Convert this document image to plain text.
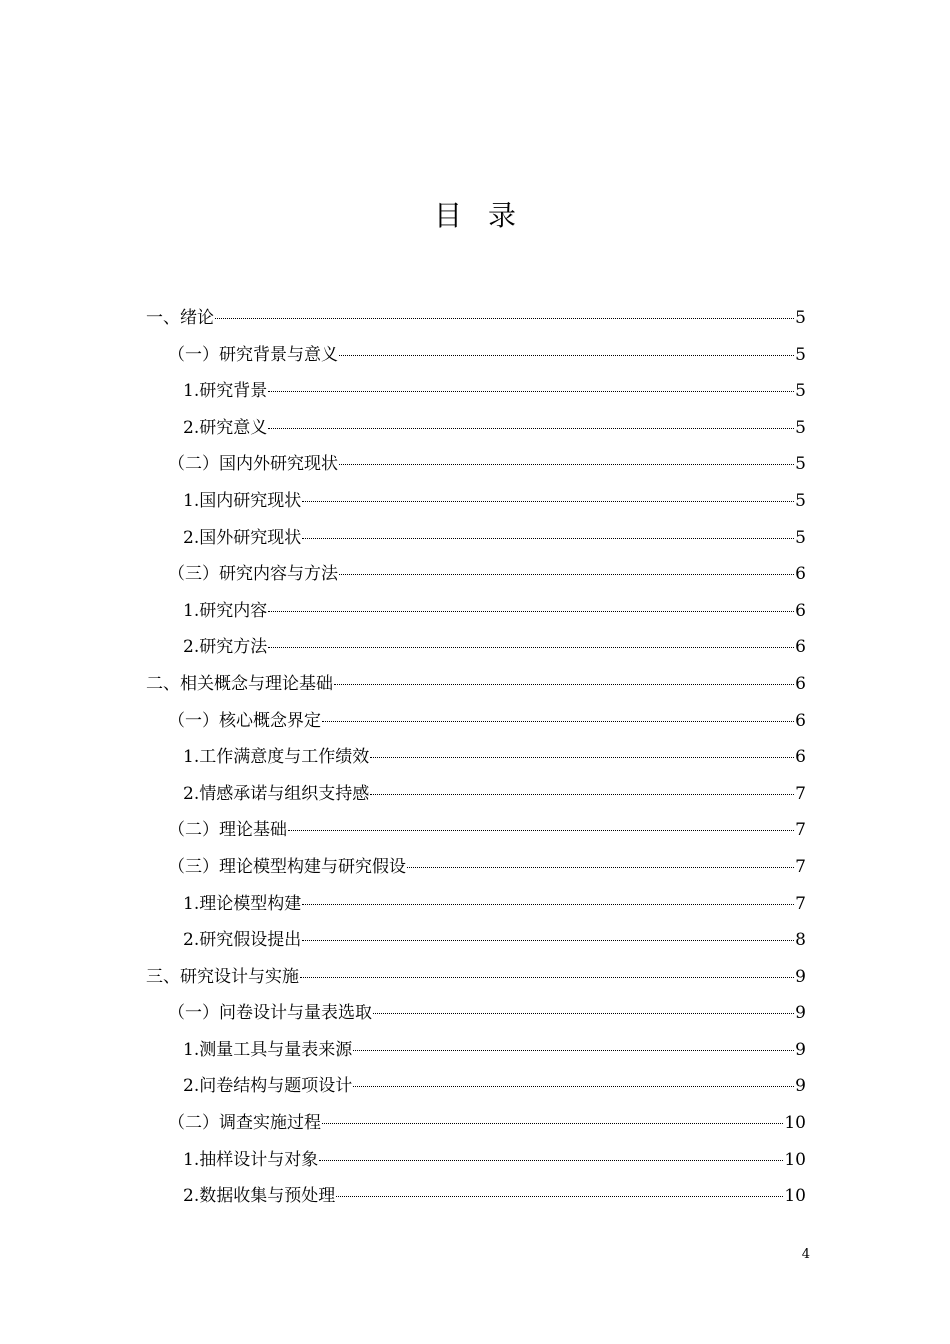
目录
一、绪论	5
（一）研究背景与意义	5
1.研究背景	5
2.研究意义	5
（二）国内外研究现状	5
1.国内研究现状	5
2.国外研究现状	5
（三）研究内容与方法	6
1.研究内容	6
2.研究方法	6
二、相关概念与理论基础	6
（一）核心概念界定	6
1.工作满意度与工作绩效	6
2.情感承诺与组织支持感	7
（二）理论基础	7
（三）理论模型构建与研究假设	7
1.理论模型构建	7
2.研究假设提出	8
三、研究设计与实施	9
（一）问卷设计与量表选取	9
1.测量工具与量表来源	9
2.问卷结构与题项设计	9
（二）调查实施过程	10
1.抽样设计与对象	10
2.数据收集与预处理	10
4
